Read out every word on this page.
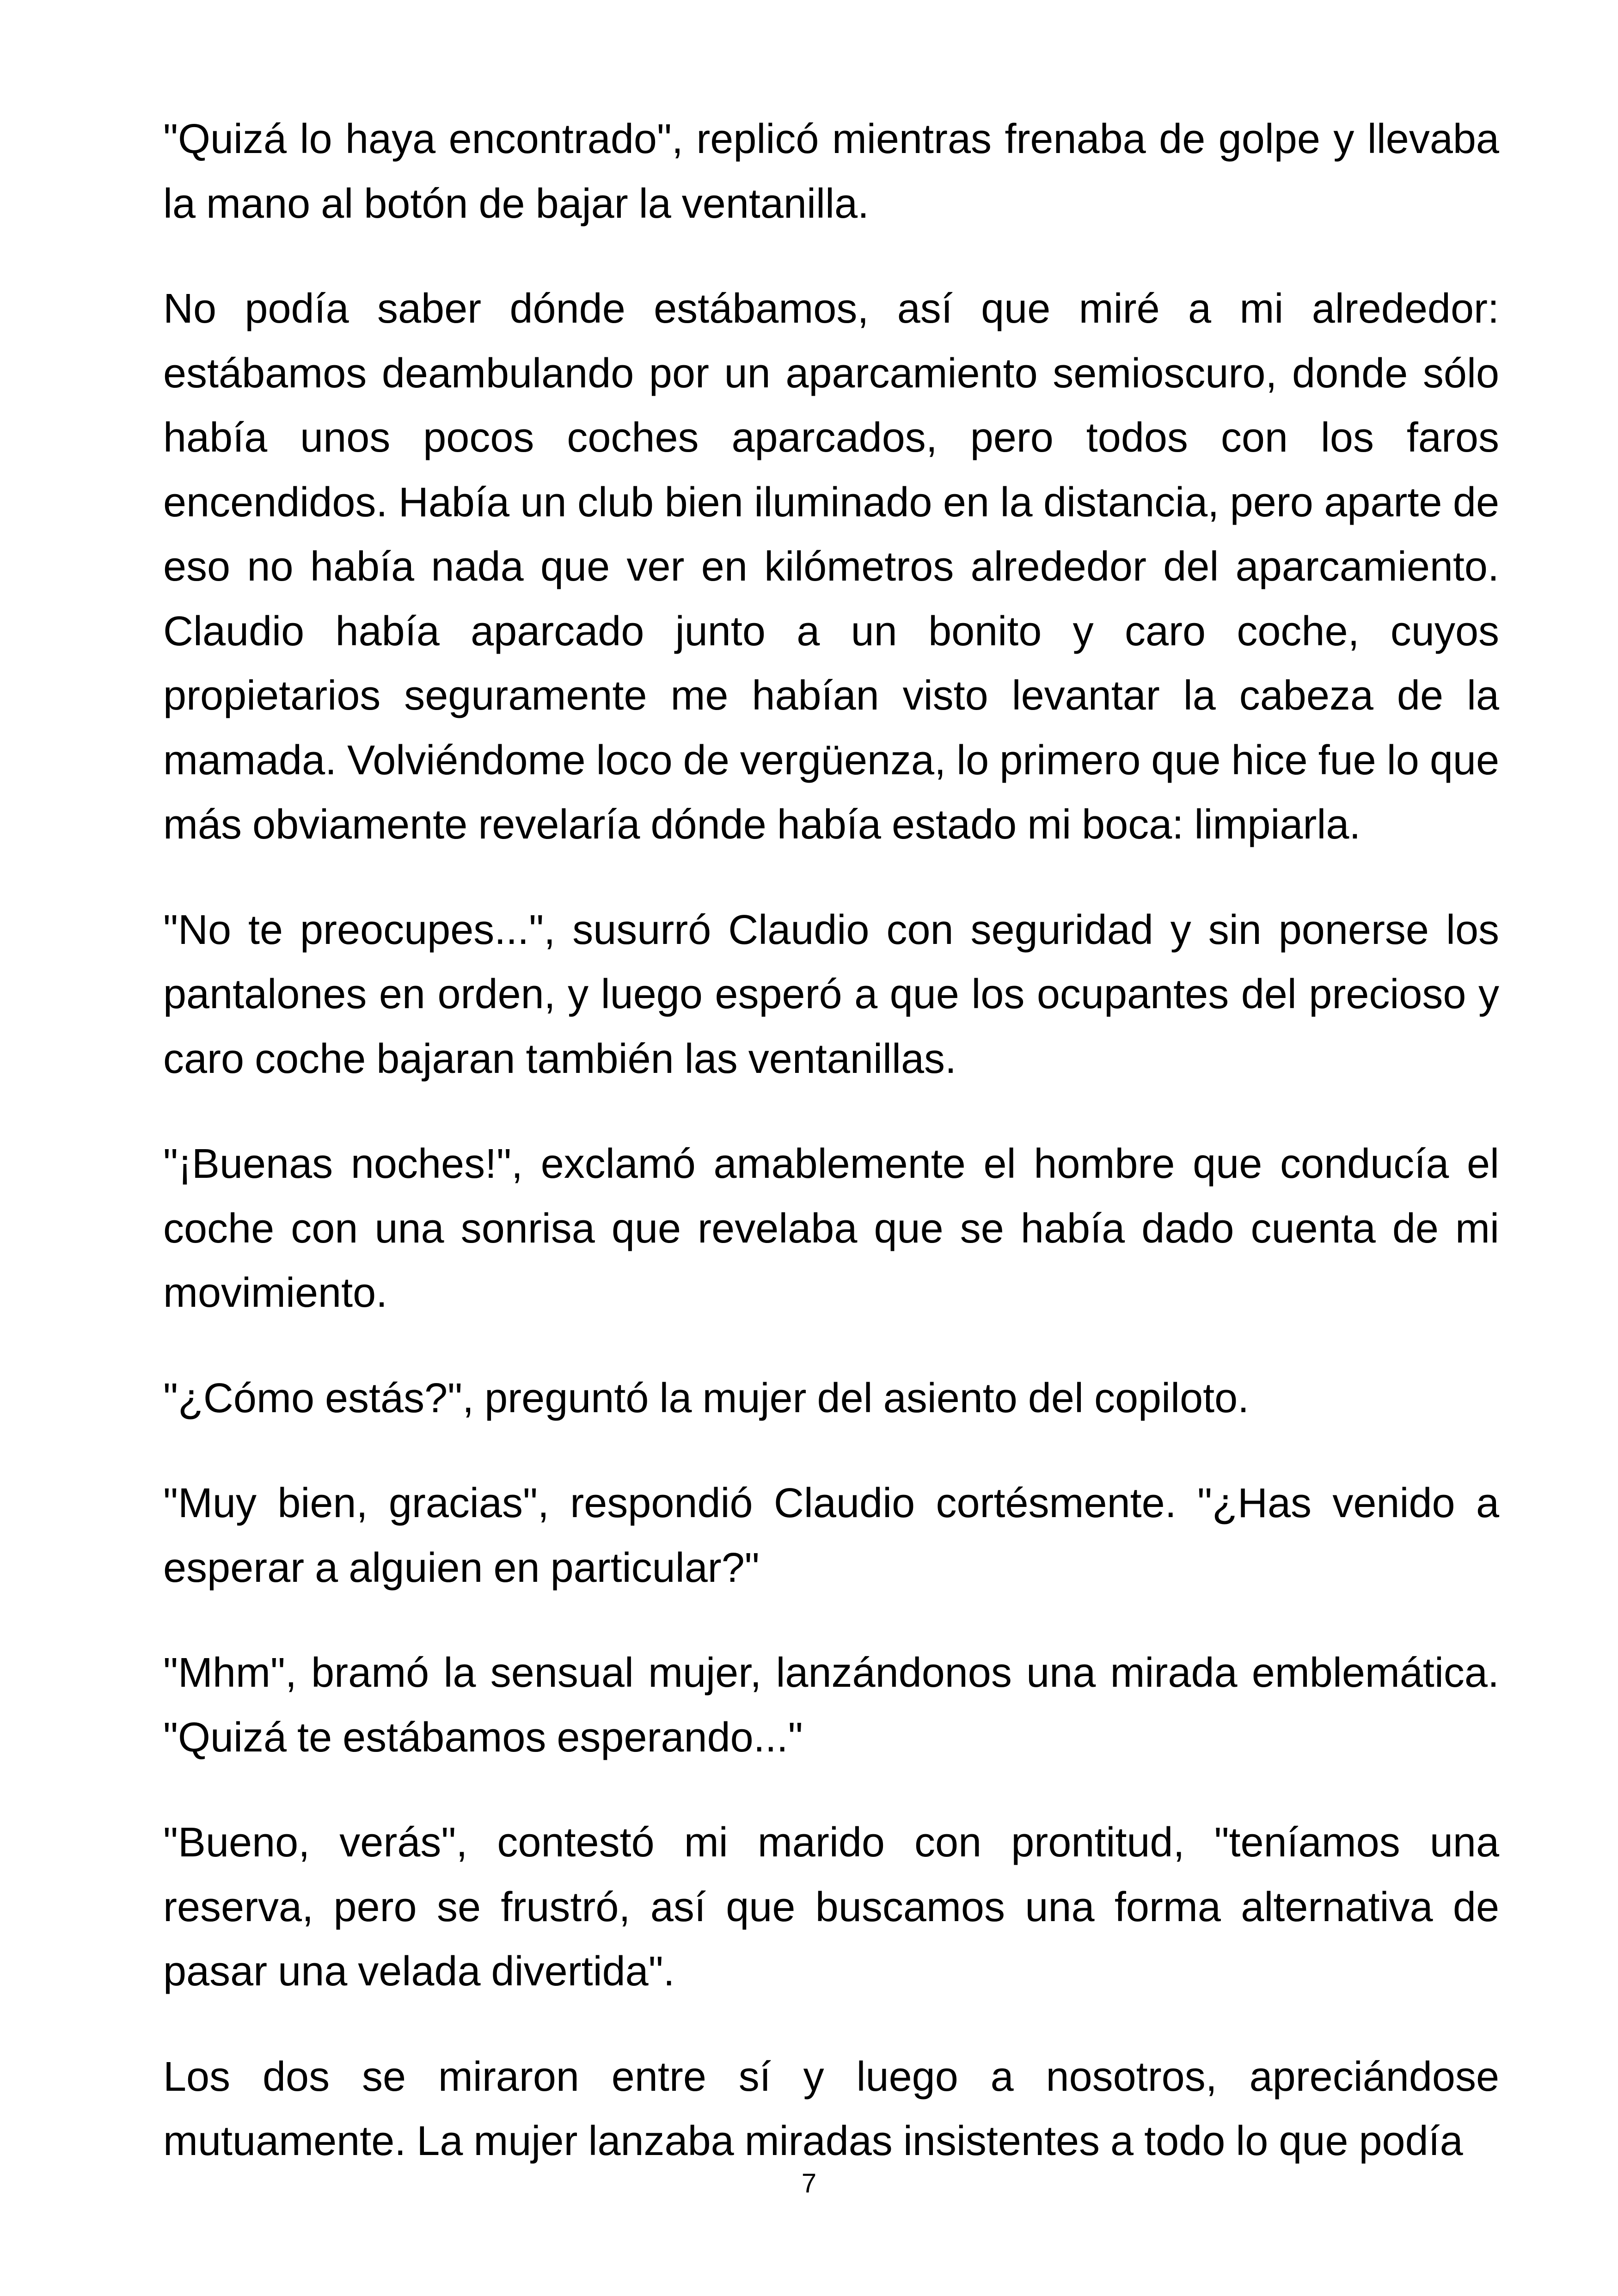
"Quizá lo haya encontrado", replicó mientras frenaba de golpe y llevaba la mano al botón de bajar la ventanilla.

No podía saber dónde estábamos, así que miré a mi alrededor: estábamos deambulando por un aparcamiento semioscuro, donde sólo había unos pocos coches aparcados, pero todos con los faros encendidos. Había un club bien iluminado en la distancia, pero aparte de eso no había nada que ver en kilómetros alrededor del aparcamiento. Claudio había aparcado junto a un bonito y caro coche, cuyos propietarios seguramente me habían visto levantar la cabeza de la mamada. Volviéndome loco de vergüenza, lo primero que hice fue lo que más obviamente revelaría dónde había estado mi boca: limpiarla.

"No te preocupes...", susurró Claudio con seguridad y sin ponerse los pantalones en orden, y luego esperó a que los ocupantes del precioso y caro coche bajaran también las ventanillas.

"¡Buenas noches!", exclamó amablemente el hombre que conducía el coche con una sonrisa que revelaba que se había dado cuenta de mi movimiento.

"¿Cómo estás?", preguntó la mujer del asiento del copiloto.

"Muy bien, gracias", respondió Claudio cortésmente. "¿Has venido a esperar a alguien en particular?"

"Mhm", bramó la sensual mujer, lanzándonos una mirada emblemática. "Quizá te estábamos esperando..."

"Bueno, verás", contestó mi marido con prontitud, "teníamos una reserva, pero se frustró, así que buscamos una forma alternativa de pasar una velada divertida".

Los dos se miraron entre sí y luego a nosotros, apreciándose mutuamente. La mujer lanzaba miradas insistentes a todo lo que podía

7
